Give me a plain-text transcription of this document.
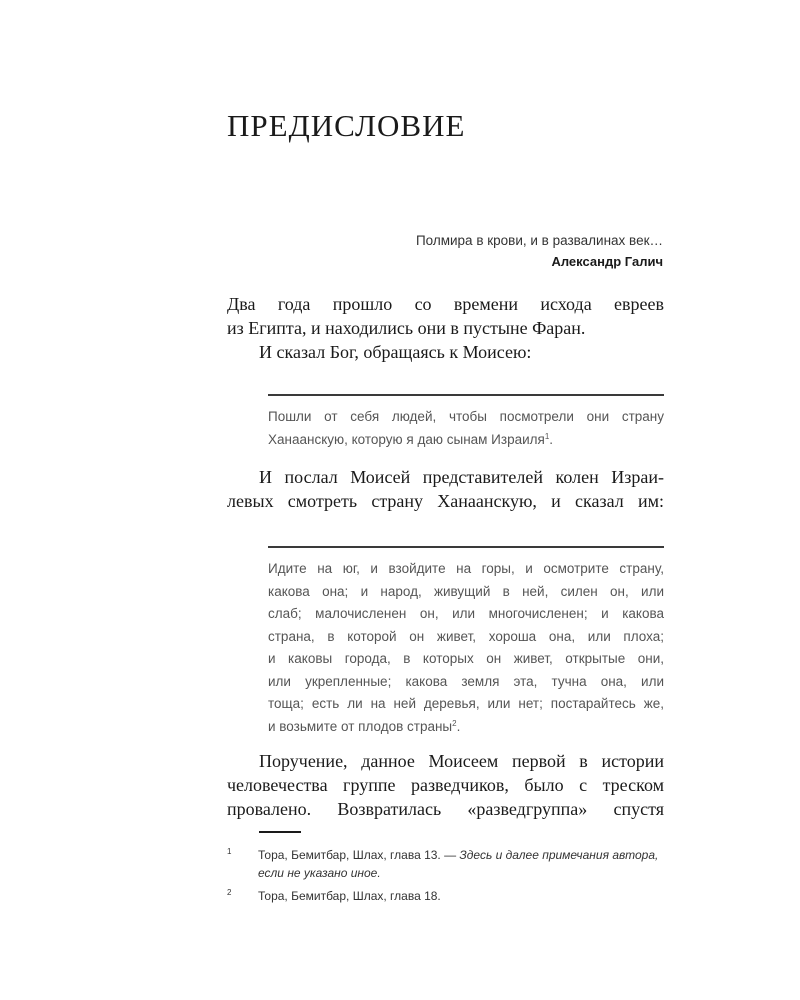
ПРЕДИСЛОВИЕ
Полмира в крови, и в развалинах век…
Александр Галич

Два года прошло со времени исхода евреев

из Египта, и находились они в пустыне Фаран.

И сказал Бог, обращаясь к Моисею:

Пошли от себя людей, чтобы посмотрели они страну

Ханаанскую, которую я даю сынам Израиля$^1$.

И послал Моисей представителей колен Израи-

левых смотреть страну Ханаанскую, и сказал им:

Идите на юг, и взойдите на горы, и осмотрите страну,

какова она; и народ, живущий в ней, силен он, или

слаб; малочисленен он, или многочисленен; и какова

страна, в которой он живет, хороша она, или плоха;

и каковы города, в которых он живет, открытые они,

или укрепленные; какова земля эта, тучна она, или

тоща; есть ли на ней деревья, или нет; постарайтесь же,

и возьмите от плодов страны$^2$.

Поручение, данное Моисеем первой в истории

человечества группе разведчиков, было с треском

провалено. Возвратилась «разведгруппа» спустя

1 Тора, Бемитбар, Шлах, глава 13. — Здесь и далее примечания автора, если не указано иное.
2 Тора, Бемитбар, Шлах, глава 18.
